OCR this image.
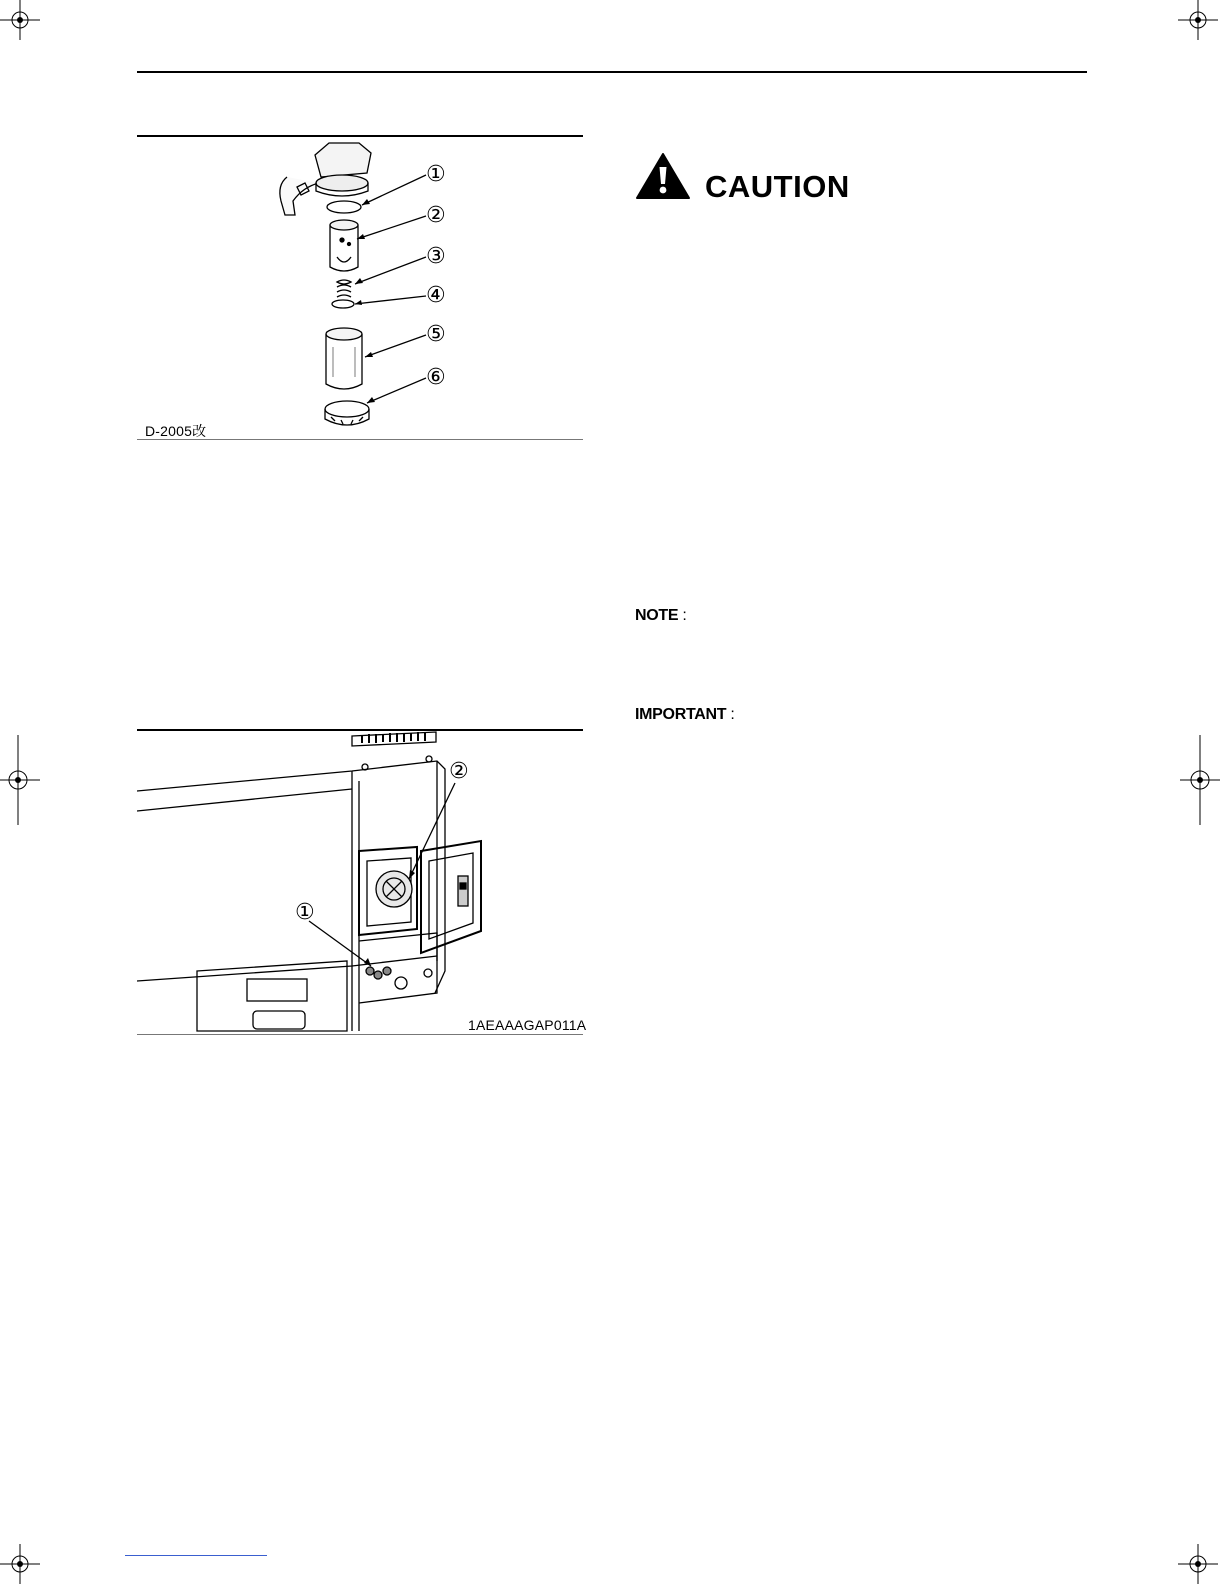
①
②
③
④
⑤
⑥
D-2005改
CAUTION
NOTE :
IMPORTANT :
①
②
1AEAAAGAP011A
